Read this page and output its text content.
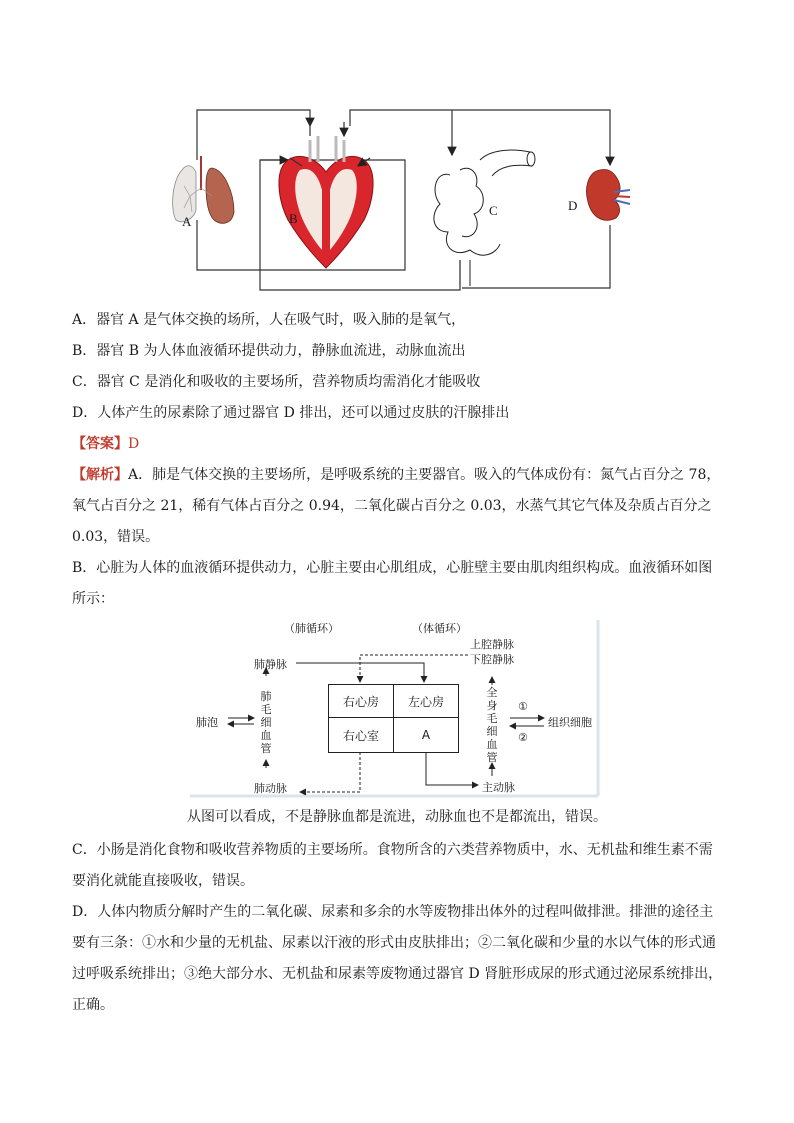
A	B
C	D
A．器官 A 是气体交换的场所，人在吸气时，吸入肺的是氧气，
B．器官 B 为人体血液循环提供动力，静脉血流进，动脉血流出
C．器官 C 是消化和吸收的主要场所，营养物质均需消化才能吸收
D．人体产生的尿素除了通过器官 D 排出，还可以通过皮肤的汗腺排出
【答案】D
【解析】A．肺是气体交换的主要场所，是呼吸系统的主要器官。吸入的气体成份有：氮气占百分之 78，氧气占百分之 21，稀有气体占百分之 0.94，二氧化碳占百分之 0.03，水蒸气其它气体及杂质占百分之 0.03，错误。
B．心脏为人体的血液循环提供动力，心脏主要由心肌组成，心脏壁主要由肌肉组织构成。血液循环如图所示：
（肺循环）	（体循环）
上腔静脉
下腔静脉
肺静脉
肺毛细血管
肺泡
肺动脉
右心房	左心房
右心室	A
全身毛细血管
①
②
组织细胞
主动脉
从图可以看成，不是静脉血都是流进，动脉血也不是都流出，错误。
C．小肠是消化食物和吸收营养物质的主要场所。食物所含的六类营养物质中，水、无机盐和维生素不需要消化就能直接吸收，错误。
D．人体内物质分解时产生的二氧化碳、尿素和多余的水等废物排出体外的过程叫做排泄。排泄的途径主要有三条：①水和少量的无机盐、尿素以汗液的形式由皮肤排出；②二氧化碳和少量的水以气体的形式通过呼吸系统排出；③绝大部分水、无机盐和尿素等废物通过器官 D 肾脏形成尿的形式通过泌尿系统排出，正确。
